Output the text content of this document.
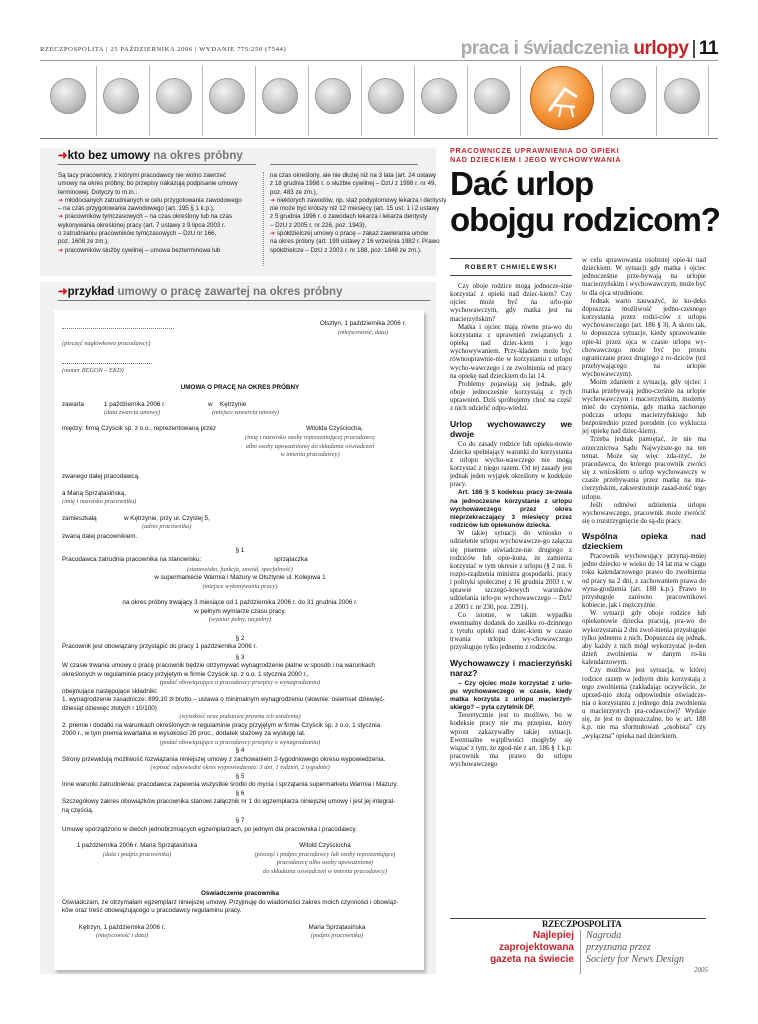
RZECZPOSPOLITA | 25 PAŹDZIERNIKA 2006 | WYDANIE 775/250 (7544)	praca i świadczenia urlopy | 11
➜kto bez umowy na okres próbny
Są tacy pracownicy, z którymi pracodawcy nie wolno zawrzeć
umowy na okres próbny, bo przepisy nakazują podpisanie umowy
terminowej. Dotyczy to m.in.:
➜ młodocianych zatrudnianych w celu przygotowania zawodowego
– na czas przygotowania zawodowego (art. 195 § 1 k.p.),
➜ pracowników tymczasowych – na czas określony lub na czas
wykonywania określonej pracy (art. 7 ustawy z 9 lipca 2003 r.
o zatrudnianiu pracowników tymczasowych – DzU nr 166,
poz. 1608 ze zm.),
➜ pracowników służby cywilnej – umowa bezterminowa lub
na czas określony, ale nie dłużej niż na 3 lata (art. 24 ustawy
z 18 grudnia 1998 r. o służbie cywilnej – DzU z 1998 r. nr 49,
poz. 483 ze zm.),
➜ niektórych zawodów, np. staż podyplomowy lekarza i dentysty
nie może być krótszy niż 12 miesięcy (art. 15 ust. 1 i 2 ustawy
z 5 grudnia 1996 r. o zawodach lekarza i lekarza dentysty
– DzU z 2005 r. nr 226, poz. 1943),
➜ spółdzielczej umowy o pracę – zakaz zawierania umów
na okres próbny (art. 199 ustawy z 16 września 1982 r. Prawo
spółdzielcze – DzU z 2003 r. nr 188, poz. 1848 ze zm.).
➜przykład umowy o pracę zawartej na okres próbny
Olsztyn, 1 października 2006 r.
(miejscowość, data)
(pieczęć nagłówkowa pracodawcy)
(numer REGON – EKD)
UMOWA O PRACĘ NA OKRES PRÓBNY
zawarta	1 października 2006 r.	w Kętrzynie
(data zwarcia umowy)	(miejsce zawarcia umowy)
między: firmą Czyścik sp. z o.o., reprezentowaną przez	Witolda Czyściocha,
(imię i nazwisko osoby reprezentującej pracodawcę
albo osoby upoważnionej do składania oświadczeń
w imieniu pracodawcy)
zwanego dalej pracodawcą,
a Marią Sprzątasińską,
(imię i nazwisko pracownika)
zamieszkałą	w Kętrzynie, przy ul. Czystej 5,
(adres pracownika)
zwaną dalej pracownikiem.
§ 1
Pracodawca zatrudnia pracownika na stanowisku:	sprzątaczka
(stanowisko, funkcja, zawód, specjalność)
w supermarkecie Warmia i Mazury w Olsztynie ul. Kolejowa 1
(miejsce wykonywania pracy)
na okres próbny trwający 3 miesiące od 1 października 2006 r. do 31 grudnia 2006 r.
w pełnym wymiarze czasu pracy.
(wymiar pełny, niepełny)
§ 2
Pracownik jest obowiązany przystąpić do pracy 1 października 2006 r.
§ 3
W czasie trwania umowy o pracę pracownik będzie otrzymywać wynagrodzenie płatne w sposób i na warunkach
określonych w regulaminie pracy przyjętym w firmie Czyścik sp. z o.o. 1 stycznia 2000 r.,
(podać obowiązujące u pracodawcy przepisy o wynagradzaniu)
obejmujące następujące składniki:
1. wynagrodzenie zasadnicze: 899,10 zł brutto – ustawa o minimalnym wynagrodzeniu (słownie: osiemset dziewięć-
dziesiąt dziewięć złotych i 10/100)
(wysokość oraz podstawa prawna ich ustalenia)
2. premie i dodatki na warunkach określonych w regulaminie pracy przyjętym w firmie Czyścik sp. z o.o. 1 stycznia
2000 r., w tym premia kwartalna w wysokości 20 proc., dodatek stażowy za wysługę lat.
(podać obowiązujące u pracodawcy przepisy o wynagradzaniu)
§ 4
Strony przewidują możliwość rozwiązania niniejszej umowy z zachowaniem 2-tygodniowego okresu wypowiedzenia.
(wpisać odpowiedni okres wypowiedzenia: 3 dni, 1 tydzień, 2 tygodnie)
§ 5
Inne warunki zatrudnienia: pracodawca zapewnia wszystkie środki do mycia i sprzątania supermarketu Warmia i Mazury.
§ 6
Szczegółowy zakres obowiązków pracownika stanowi załącznik nr 1 do egzemplarza niniejszej umowy i jest jej integral-
ną częścią.
§ 7
Umowę sporządzono w dwóch jednobrzmiących egzemplarzach, po jednym dla pracownika i pracodawcy.
1 października 2006 r. Maria Sprzątasińska
(data i podpis pracownika)
Witold Czyściocha
(pieczęć i podpis pracodawcy lub osoby reprezentującej
pracodawcę albo osoby upoważnionej
do składania oświadczeń w imieniu pracodawcy)
Oświadczenie pracownika
Oświadczam, że otrzymałam egzemplarz niniejszej umowy. Przyjmuję do wiadomości zakres moich czynności i obowiąz-
ków oraz treść obowiązującego u pracodawcy regulaminu pracy.
Kętrzyn, 1 października 2006 r.
(miejscowość i data)
Maria Sprzątasińska
(podpis pracownika)
PRACOWNICZE UPRAWNIENIA DO OPIEKI
NAD DZIECKIEM I JEGO WYCHOWYWANIA
Dać urlop
obojgu rodzicom?
ROBERT CHMIELEWSKI

Czy oboje rodzice mogą jednocze-śnie korzystać z opieki nad dziec-kiem? Czy ojciec może być na urlo-pie wychowawczym, gdy matka jest na macierzyńskim?

Matka i ojciec mają równe pra-wo do korzystania z uprawnień związanych z opieką nad dziec-kiem i jego wychowywaniem. Przy-kładem może być równouprawnie-nie w korzystaniu z urlopu wycho-wawczego i ze zwolnienia od pracy na opiekę nad dzieckiem do lat 14.

Problemy pojawiają się jednak, gdy oboje jednocześnie korzystają z tych uprawnień. Dziś spróbujemy choć na część z nich udzielić odpo-wiedzi.

Urlop wychowawczy we dwoje

Co do zasady rodzice lub opieku-nowie dziecka spełniający warunki do korzystania z urlopu wycho-wawczego nie mogą korzystać z niego razem. Od tej zasady jest jednak jeden wyjątek określony w kodeksie pracy.

Art. 186 § 3 kodeksu pracy ze-zwala na jednoczesne korzystanie z urlopu wychowawczego przez okres nieprzekraczający 3 miesięcy przez rodziców lub opiekunów dziecka.

W takiej sytuacji do wniosku o udzielenie urlopu wychowawcze-go załącza się pisemne oświadcze-nie drugiego z rodziców lub opie-kuna, że zamierza korzystać w tym okresie z urlopu (§ 2 ust. 6 rozpo-rządzenia ministra gospodarki, pracy i polityki społecznej z 16 grudnia 2003 r. w sprawie szczegó-łowych warunków udzielania urlo-pu wychowawczego – DzU z 2003 r. nr 230, poz. 2291).

Co istotne, w takim wypadku ewentualny dodatek do zasiłku ro-dzinnego z tytułu opieki nad dziec-kiem w czasie trwania urlopu wy-chowawczego przysługuje tylko jednemu z rodziców.

Wychowawczy i macierzyński naraz?

– Czy ojciec może korzystać z urlo-pu wychowawczego w czasie, kiedy matka korzysta z urlopu macierzyń-skiego? – pyta czytelnik DF.

Teoretycznie jest to możliwe, bo w kodeksie pracy nie ma przepisu, który wprost zakazywałby takiej sytuacji. Ewentualne wątpliwości mogłyby się wiązać z tym, że zgod-nie z art. 186 § 1 k.p. pracownik ma prawo do urlopu wychowawczego

w celu sprawowania osobistej opie-ki nad dzieckiem. W sytuacji gdy matka i ojciec jednocześnie prze-bywają na urlopie macierzyńskim i wychowawczym, może być to dla ojca utrudnione.

Jednak warto zauważyć, że ko-deks dopuszcza możliwość jedno-czesnego korzystania przez rodzi-ców z urlopu wychowawczego (art. 186 § 3). A skoro tak, to dopuszcza sytuacje, kiedy sprawowanie opie-ki przez ojca w czasie urlopu wy-chowawczego może być po prostu ograniczane przez drugiego z ro-dziców (też przebywającego na urlopie wychowawczym).

Moim zdaniem z sytuacją, gdy ojciec i matka przebywają jedno-cześnie na urlopie wychowawczym i macierzyńskim, możemy mieć do czynienia, gdy matka zachoruje podczas urlopu macierzyńskiego lub bezpośrednio przed porodem (co wyklucza jej opiekę nad dziec-kiem).

Trzeba jednak pamiętać, że nie ma orzecznictwa Sądu Najwyższe-go na ten temat. Może się więc zda-rzyć, że pracodawca, do którego pracownik zwróci się z wnioskiem o urlop wychowawczy w czasie przebywania przez matkę na ma-cierzyńskim, zakwestionuje zasad-ność tego urlopu.

Jeśli odmówi udzielenia urlopu wychowawczego, pracownik może zwrócić się o rozstrzygnięcie do są-du pracy.

Wspólna opieka nad dzieckiem

Pracownik wychowujący przynaj-mniej jedno dziecko w wieku do 14 lat ma w ciągu roku kalendarzowego prawo do zwolnienia od pracy na 2 dni, z zachowaniem prawa do wyna-grodzenia (art. 188 k.p.). Prawo to przysługuje zarówno pracownikowi kobiecie, jak i mężczyźnie.

W sytuacji gdy oboje rodzice lub opiekunowie dziecka pracują, pra-wo do wykorzystania 2 dni zwol-nienia przysługuje tylko jednemu z nich. Dopuszcza się jednak, aby każdy z nich mógł wykorzystać je-den dzień zwolnienia w danym ro-ku kalendarzowym.

Czy możliwa jest sytuacja, w której rodzice razem w jednym dniu korzystają z tego zwolnienia (zakładając oczywiście, że uprzed-nio złożą odpowiednie oświadcze-nia o korzystaniu z jednego dnia zwolnienia u macierzystych pra-codawców)? Wydaje się, że jest to dopuszczalne, bo w art. 188 k.p. nie ma sformułowań „osobista” czy „wyłączna” opieka nad dzieckiem.

RZECZPOSPOLITA
Najlepiej
zaprojektowana
gazeta na świecie
Nagroda
przyznana przez
Society for News Design
2005
